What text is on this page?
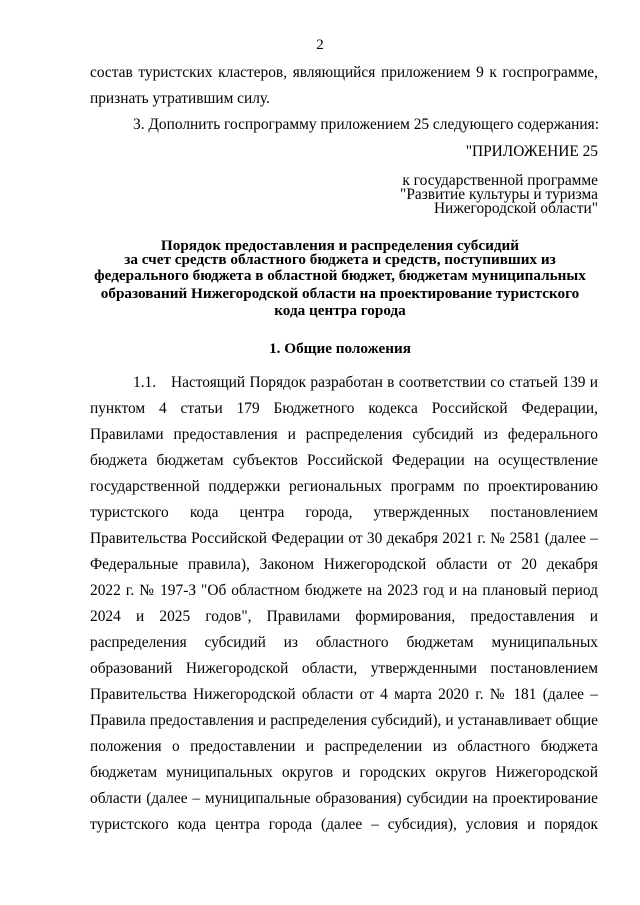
2
состав туристских кластеров, являющийся приложением 9 к госпрограмме,
признать утратившим силу.
3. Дополнить госпрограмму приложением 25 следующего содержания:
"ПРИЛОЖЕНИЕ 25
к государственной программе
"Развитие культуры и туризма
Нижегородской области"
Порядок предоставления и распределения субсидий
за счет средств областного бюджета и средств, поступивших из
федерального бюджета в областной бюджет, бюджетам муниципальных
образований Нижегородской области на проектирование туристского
кода центра города
1. Общие положения
1.1. Настоящий Порядок разработан в соответствии со статьей 139 и
пунктом 4 статьи 179 Бюджетного кодекса Российской Федерации,
Правилами предоставления и распределения субсидий из федерального
бюджета бюджетам субъектов Российской Федерации на осуществление
государственной поддержки региональных программ по проектированию
туристского кода центра города, утвержденных постановлением
Правительства Российской Федерации от 30 декабря 2021 г. № 2581 (далее –
Федеральные правила), Законом Нижегородской области от 20 декабря
2022 г. № 197-З "Об областном бюджете на 2023 год и на плановый период
2024 и 2025 годов", Правилами формирования, предоставления и
распределения субсидий из областного бюджетам муниципальных
образований Нижегородской области, утвержденными постановлением
Правительства Нижегородской области от 4 марта 2020 г. № 181 (далее –
Правила предоставления и распределения субсидий), и устанавливает общие
положения о предоставлении и распределении из областного бюджета
бюджетам муниципальных округов и городских округов Нижегородской
области (далее – муниципальные образования) субсидии на проектирование
туристского кода центра города (далее – субсидия), условия и порядок
